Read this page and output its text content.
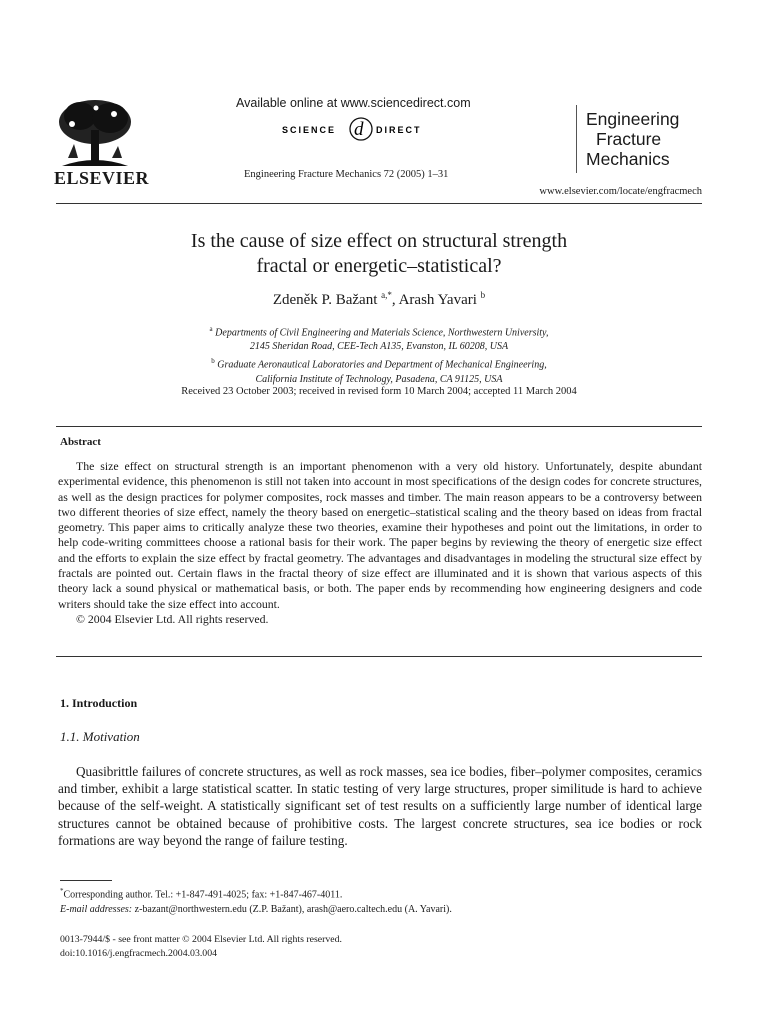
ELSEVIER
Available online at www.sciencedirect.com
SCIENCE d DIRECT
Engineering Fracture Mechanics 72 (2005) 1–31
Engineering
Fracture
Mechanics
www.elsevier.com/locate/engfracmech
Is the cause of size effect on structural strength
fractal or energetic–statistical?
Zdeněk P. Bažant $^{a,*}$, Arash Yavari $^b$
$^a$ Departments of Civil Engineering and Materials Science, Northwestern University,
2145 Sheridan Road, CEE-Tech A135, Evanston, IL 60208, USA
$^b$ Graduate Aeronautical Laboratories and Department of Mechanical Engineering,
California Institute of Technology, Pasadena, CA 91125, USA
Received 23 October 2003; received in revised form 10 March 2004; accepted 11 March 2004
Abstract

The size effect on structural strength is an important phenomenon with a very old history. Unfortunately, despite abundant experimental evidence, this phenomenon is still not taken into account in most specifications of the design codes for concrete structures, as well as the design practices for polymer composites, rock masses and timber. The main reason appears to be a controversy between two different theories of size effect, namely the theory based on energetic–statistical scaling and the theory based on ideas from fractal geometry. This paper aims to critically analyze these two theories, examine their hypotheses and point out the limitations, in order to help code-writing committees choose a rational basis for their work. The paper begins by reviewing the theory of energetic size effect and the efforts to explain the size effect by fractal geometry. The advantages and disadvantages in modeling the structural size effect by fractals are pointed out. Certain flaws in the fractal theory of size effect are illuminated and it is shown that various aspects of this theory lack a sound physical or mathematical basis, or both. The paper ends by recommending how engineering designers and code writers should take the size effect into account.

© 2004 Elsevier Ltd. All rights reserved.

1. Introduction
1.1. Motivation

Quasibrittle failures of concrete structures, as well as rock masses, sea ice bodies, fiber–polymer composites, ceramics and timber, exhibit a large statistical scatter. In static testing of very large structures, proper similitude is hard to achieve because of the self-weight. A statistically significant set of test results on a sufficiently large number of identical large structures cannot be obtained because of prohibitive costs. The largest concrete structures, sea ice bodies or rock formations are way beyond the range of failure testing.

*Corresponding author. Tel.: +1-847-491-4025; fax: +1-847-467-4011.
E-mail addresses: z-bazant@northwestern.edu (Z.P. Bažant), arash@aero.caltech.edu (A. Yavari).
0013-7944/$ - see front matter © 2004 Elsevier Ltd. All rights reserved.
doi:10.1016/j.engfracmech.2004.03.004
